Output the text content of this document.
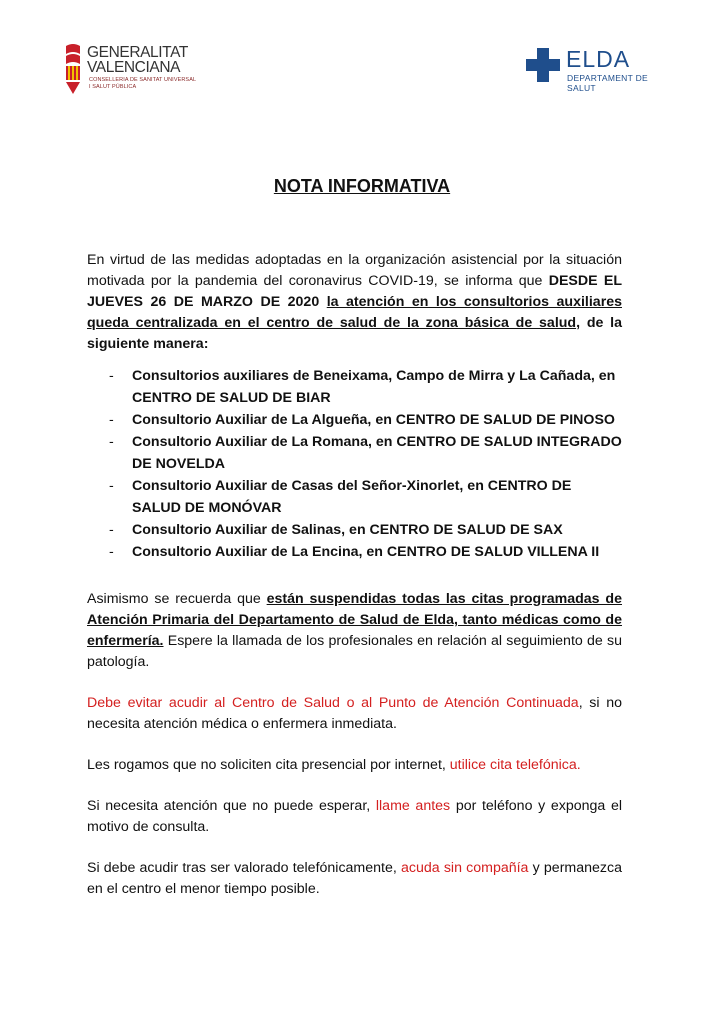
GENERALITAT
VALENCIANA
CONSELLERIA DE SANITAT UNIVERSAL
I SALUT PÚBLICA
ELDA
DEPARTAMENT DE SALUT
NOTA INFORMATIVA

En virtud de las medidas adoptadas en la organización asistencial por la situación motivada por la pandemia del coronavirus COVID-19, se informa que DESDE EL JUEVES 26 DE MARZO DE 2020 la atención en los consultorios auxiliares queda centralizada en el centro de salud de la zona básica de salud, de la siguiente manera:

- Consultorios auxiliares de Beneixama, Campo de Mirra y La Cañada, en CENTRO DE SALUD DE BIAR
- Consultorio Auxiliar de La Algueña, en CENTRO DE SALUD DE PINOSO
- Consultorio Auxiliar de La Romana, en CENTRO DE SALUD INTEGRADO DE NOVELDA
- Consultorio Auxiliar de Casas del Señor-Xinorlet, en CENTRO DE SALUD DE MONÓVAR
- Consultorio Auxiliar de Salinas, en CENTRO DE SALUD DE SAX
- Consultorio Auxiliar de La Encina, en CENTRO DE SALUD VILLENA II

Asimismo se recuerda que están suspendidas todas las citas programadas de Atención Primaria del Departamento de Salud de Elda, tanto médicas como de enfermería. Espere la llamada de los profesionales en relación al seguimiento de su patología.

Debe evitar acudir al Centro de Salud o al Punto de Atención Continuada, si no necesita atención médica o enfermera inmediata.

Les rogamos que no soliciten cita presencial por internet, utilice cita telefónica.

Si necesita atención que no puede esperar, llame antes por teléfono y exponga el motivo de consulta.

Si debe acudir tras ser valorado telefónicamente, acuda sin compañía y permanezca en el centro el menor tiempo posible.
